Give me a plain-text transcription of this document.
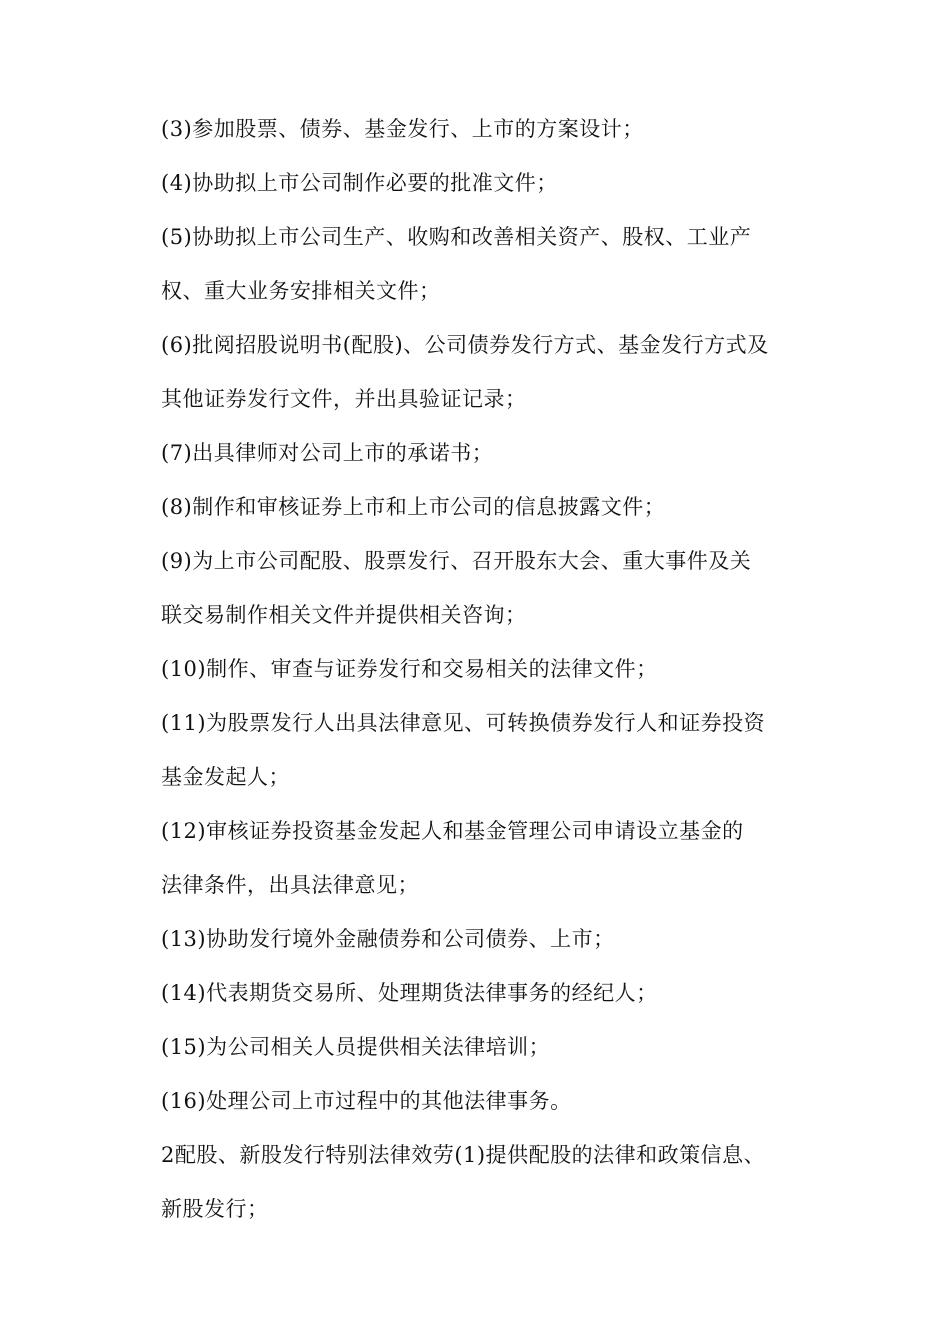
(3)参加股票、债券、基金发行、上市的方案设计；
(4)协助拟上市公司制作必要的批准文件；
(5)协助拟上市公司生产、收购和改善相关资产、股权、工业产
权、重大业务安排相关文件；
(6)批阅招股说明书(配股)、公司债券发行方式、基金发行方式及
其他证券发行文件，并出具验证记录；
(7)出具律师对公司上市的承诺书；
(8)制作和审核证券上市和上市公司的信息披露文件；
(9)为上市公司配股、股票发行、召开股东大会、重大事件及关
联交易制作相关文件并提供相关咨询；
(10)制作、审查与证券发行和交易相关的法律文件；
(11)为股票发行人出具法律意见、可转换债券发行人和证券投资
基金发起人；
(12)审核证券投资基金发起人和基金管理公司申请设立基金的
法律条件，出具法律意见；
(13)协助发行境外金融债券和公司债券、上市；
(14)代表期货交易所、处理期货法律事务的经纪人；
(15)为公司相关人员提供相关法律培训；
(16)处理公司上市过程中的其他法律事务。
2配股、新股发行特别法律效劳(1)提供配股的法律和政策信息、
新股发行；
